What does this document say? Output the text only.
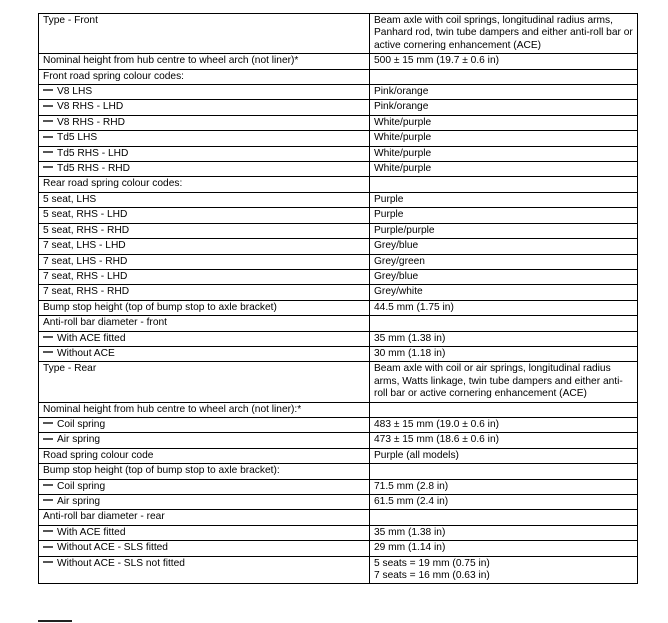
Type - Front	Beam axle with coil springs, longitudinal radius arms, Panhard rod, twin tube dampers and either anti-roll bar or active cornering enhancement (ACE)
Nominal height from hub centre to wheel arch (not liner)*	500 ± 15 mm (19.7 ± 0.6 in)
Front road spring colour codes:	
V8 LHS	Pink/orange
V8 RHS - LHD	Pink/orange
V8 RHS - RHD	White/purple
Td5 LHS	White/purple
Td5 RHS - LHD	White/purple
Td5 RHS - RHD	White/purple
Rear road spring colour codes:	
5 seat, LHS	Purple
5 seat, RHS - LHD	Purple
5 seat, RHS - RHD	Purple/purple
7 seat, LHS - LHD	Grey/blue
7 seat, LHS - RHD	Grey/green
7 seat, RHS - LHD	Grey/blue
7 seat, RHS - RHD	Grey/white
Bump stop height (top of bump stop to axle bracket)	44.5 mm (1.75 in)
Anti-roll bar diameter - front	
With ACE fitted	35 mm (1.38 in)
Without ACE	30 mm (1.18 in)
Type - Rear	Beam axle with coil or air springs, longitudinal radius arms, Watts linkage, twin tube dampers and either anti-roll bar or active cornering enhancement (ACE)
Nominal height from hub centre to wheel arch (not liner):*	
Coil spring	483 ± 15 mm (19.0 ± 0.6 in)
Air spring	473 ± 15 mm (18.6 ± 0.6 in)
Road spring colour code	Purple (all models)
Bump stop height (top of bump stop to axle bracket):	
Coil spring	71.5 mm (2.8 in)
Air spring	61.5 mm (2.4 in)
Anti-roll bar diameter - rear	
With ACE fitted	35 mm (1.38 in)
Without ACE - SLS fitted	29 mm (1.14 in)
Without ACE - SLS not fitted	5 seats = 19 mm (0.75 in)
7 seats = 16 mm (0.63 in)
